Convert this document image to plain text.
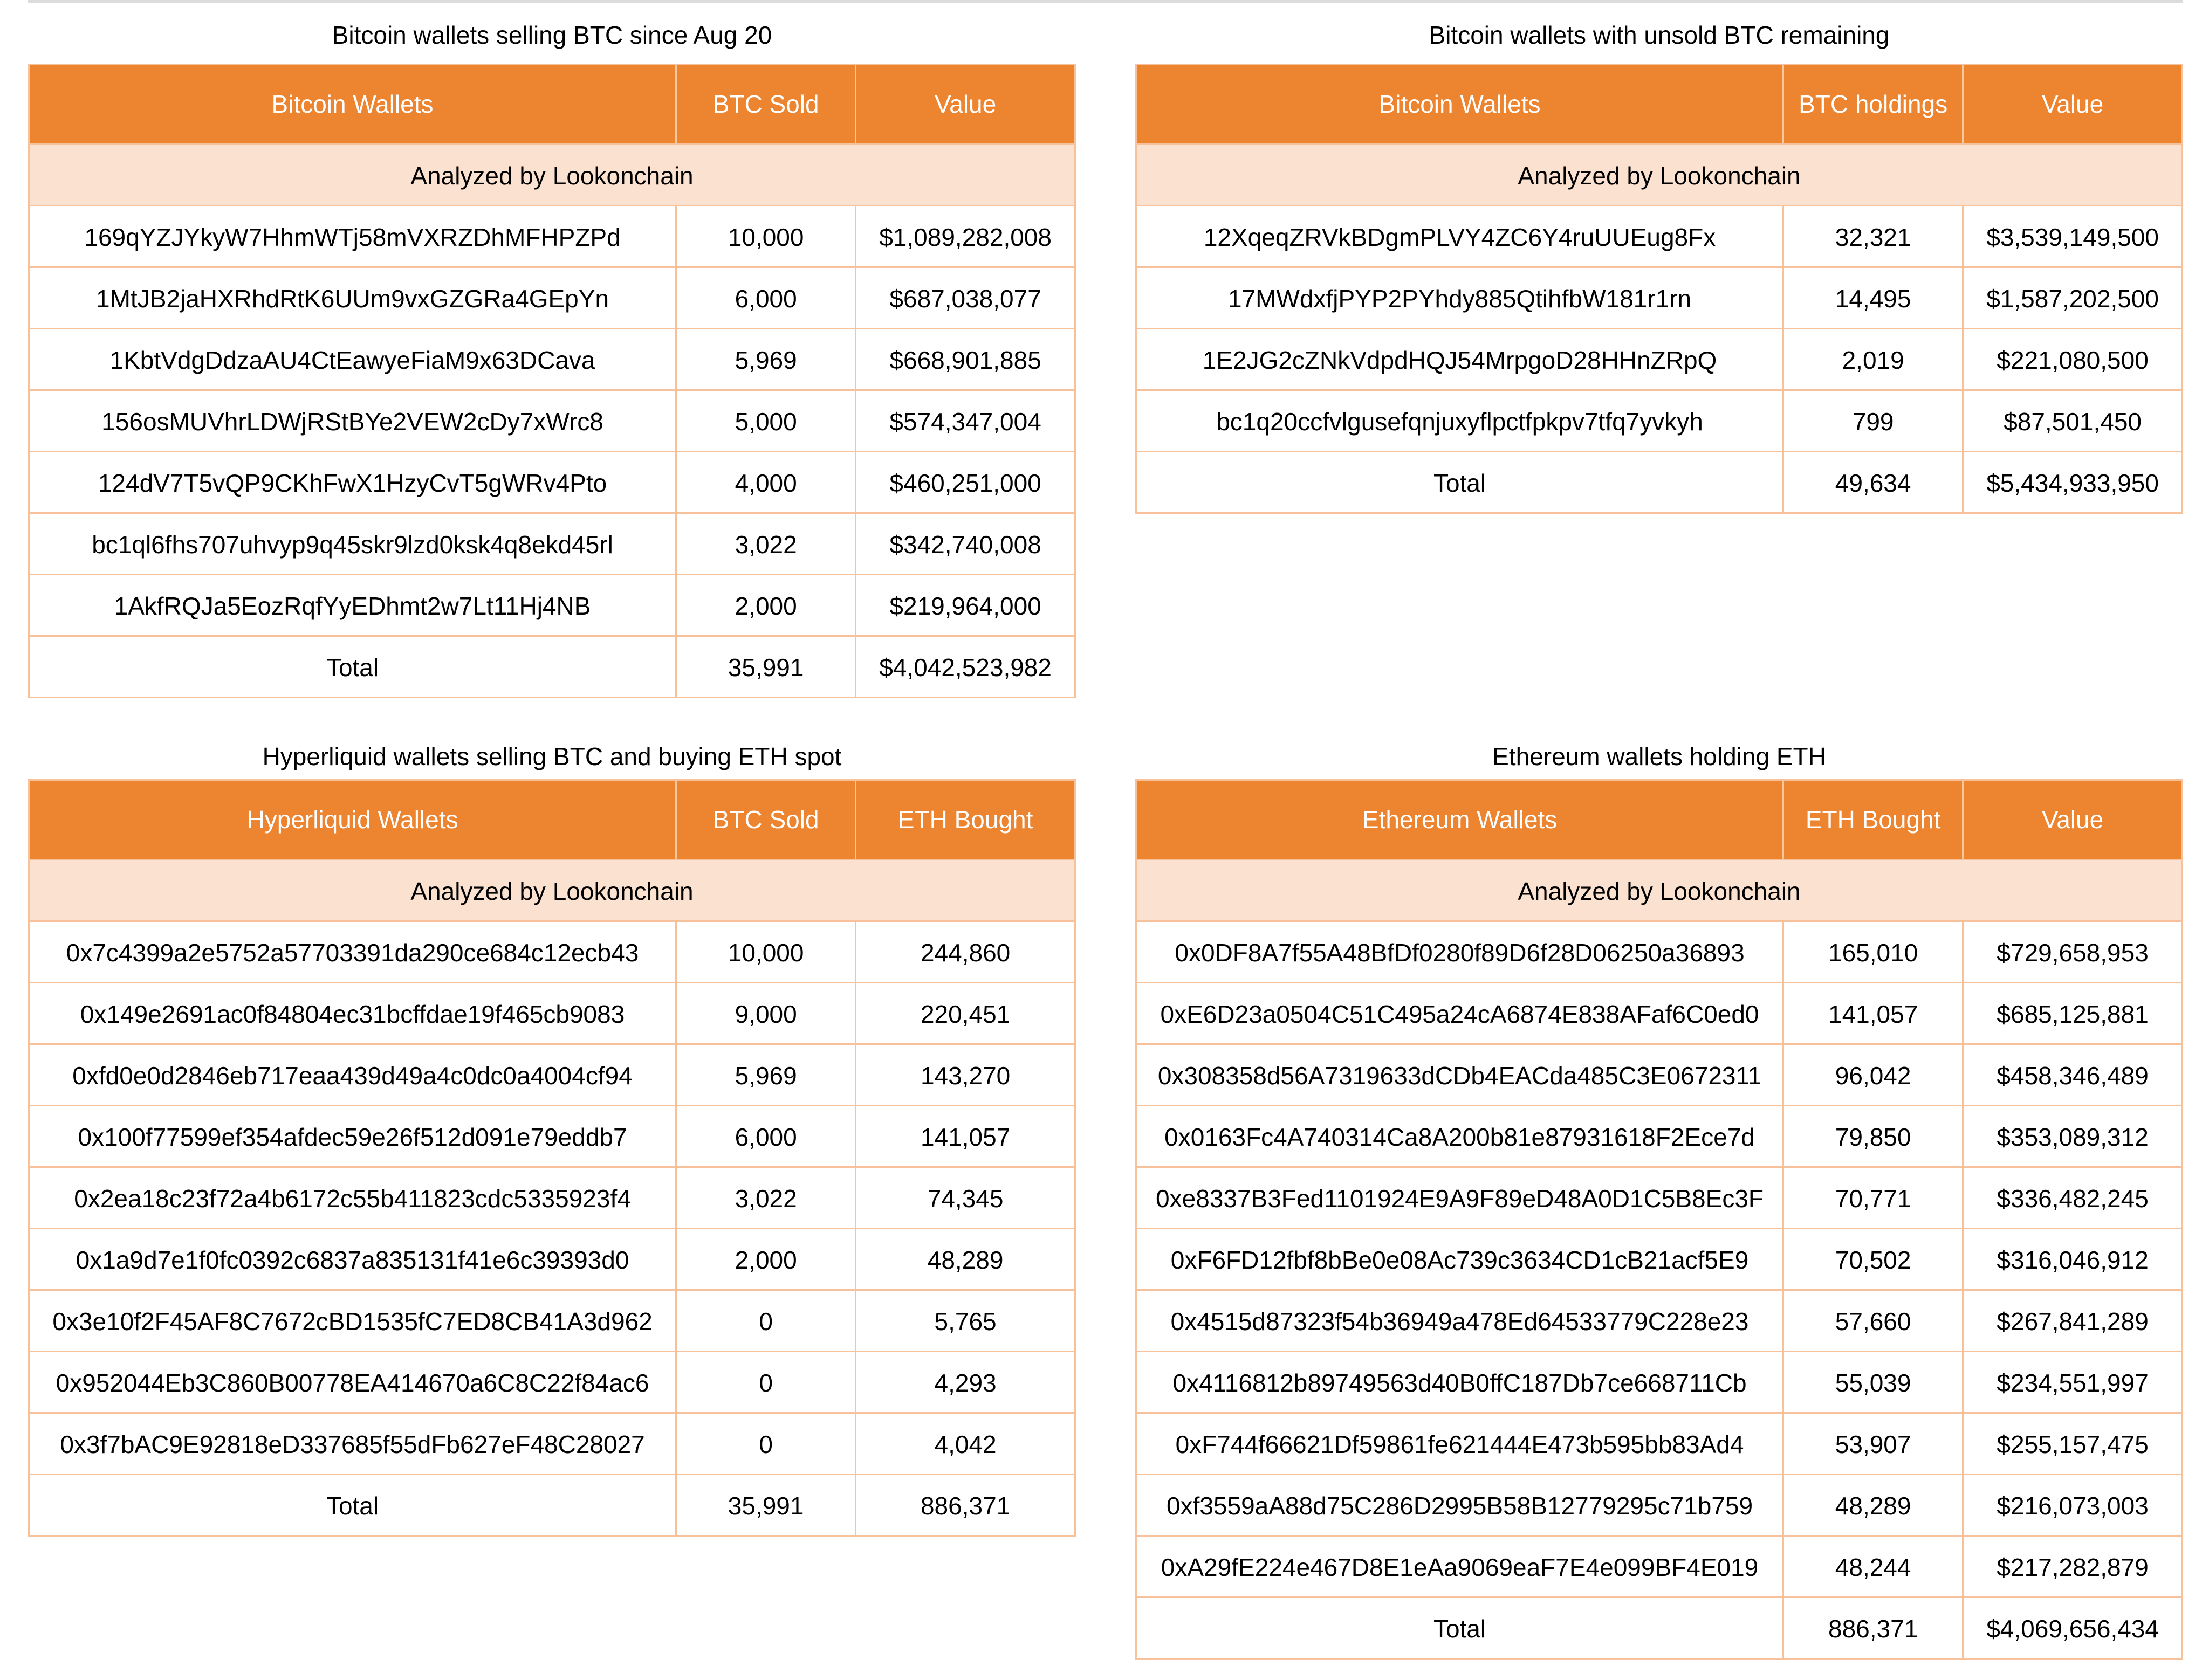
Bitcoin wallets selling BTC since Aug 20
Bitcoin Wallets	BTC Sold	Value
Analyzed by Lookonchain
169qYZJYkyW7HhmWTj58mVXRZDhMFHPZPd	10,000	$1,089,282,008
1MtJB2jaHXRhdRtK6UUm9vxGZGRa4GEpYn	6,000	$687,038,077
1KbtVdgDdzaAU4CtEawyeFiaM9x63DCava	5,969	$668,901,885
156osMUVhrLDWjRStBYe2VEW2cDy7xWrc8	5,000	$574,347,004
124dV7T5vQP9CKhFwX1HzyCvT5gWRv4Pto	4,000	$460,251,000
bc1ql6fhs707uhvyp9q45skr9lzd0ksk4q8ekd45rl	3,022	$342,740,008
1AkfRQJa5EozRqfYyEDhmt2w7Lt11Hj4NB	2,000	$219,964,000
Total	35,991	$4,042,523,982
Bitcoin wallets with unsold BTC remaining
Bitcoin Wallets	BTC holdings	Value
Analyzed by Lookonchain
12XqeqZRVkBDgmPLVY4ZC6Y4ruUUEug8Fx	32,321	$3,539,149,500
17MWdxfjPYP2PYhdy885QtihfbW181r1rn	14,495	$1,587,202,500
1E2JG2cZNkVdpdHQJ54MrpgoD28HHnZRpQ	2,019	$221,080,500
bc1q20ccfvlgusefqnjuxyflpctfpkpv7tfq7yvkyh	799	$87,501,450
Total	49,634	$5,434,933,950
Hyperliquid wallets selling BTC and buying ETH spot
Hyperliquid Wallets	BTC Sold	ETH Bought
Analyzed by Lookonchain
0x7c4399a2e5752a57703391da290ce684c12ecb43	10,000	244,860
0x149e2691ac0f84804ec31bcffdae19f465cb9083	9,000	220,451
0xfd0e0d2846eb717eaa439d49a4c0dc0a4004cf94	5,969	143,270
0x100f77599ef354afdec59e26f512d091e79eddb7	6,000	141,057
0x2ea18c23f72a4b6172c55b411823cdc5335923f4	3,022	74,345
0x1a9d7e1f0fc0392c6837a835131f41e6c39393d0	2,000	48,289
0x3e10f2F45AF8C7672cBD1535fC7ED8CB41A3d962	0	5,765
0x952044Eb3C860B00778EA414670a6C8C22f84ac6	0	4,293
0x3f7bAC9E92818eD337685f55dFb627eF48C28027	0	4,042
Total	35,991	886,371
Ethereum wallets holding ETH
Ethereum Wallets	ETH Bought	Value
Analyzed by Lookonchain
0x0DF8A7f55A48BfDf0280f89D6f28D06250a36893	165,010	$729,658,953
0xE6D23a0504C51C495a24cA6874E838AFaf6C0ed0	141,057	$685,125,881
0x308358d56A7319633dCDb4EACda485C3E0672311	96,042	$458,346,489
0x0163Fc4A740314Ca8A200b81e87931618F2Ece7d	79,850	$353,089,312
0xe8337B3Fed1101924E9A9F89eD48A0D1C5B8Ec3F	70,771	$336,482,245
0xF6FD12fbf8bBe0e08Ac739c3634CD1cB21acf5E9	70,502	$316,046,912
0x4515d87323f54b36949a478Ed64533779C228e23	57,660	$267,841,289
0x4116812b89749563d40B0ffC187Db7ce668711Cb	55,039	$234,551,997
0xF744f66621Df59861fe621444E473b595bb83Ad4	53,907	$255,157,475
0xf3559aA88d75C286D2995B58B12779295c71b759	48,289	$216,073,003
0xA29fE224e467D8E1eAa9069eaF7E4e099BF4E019	48,244	$217,282,879
Total	886,371	$4,069,656,434
